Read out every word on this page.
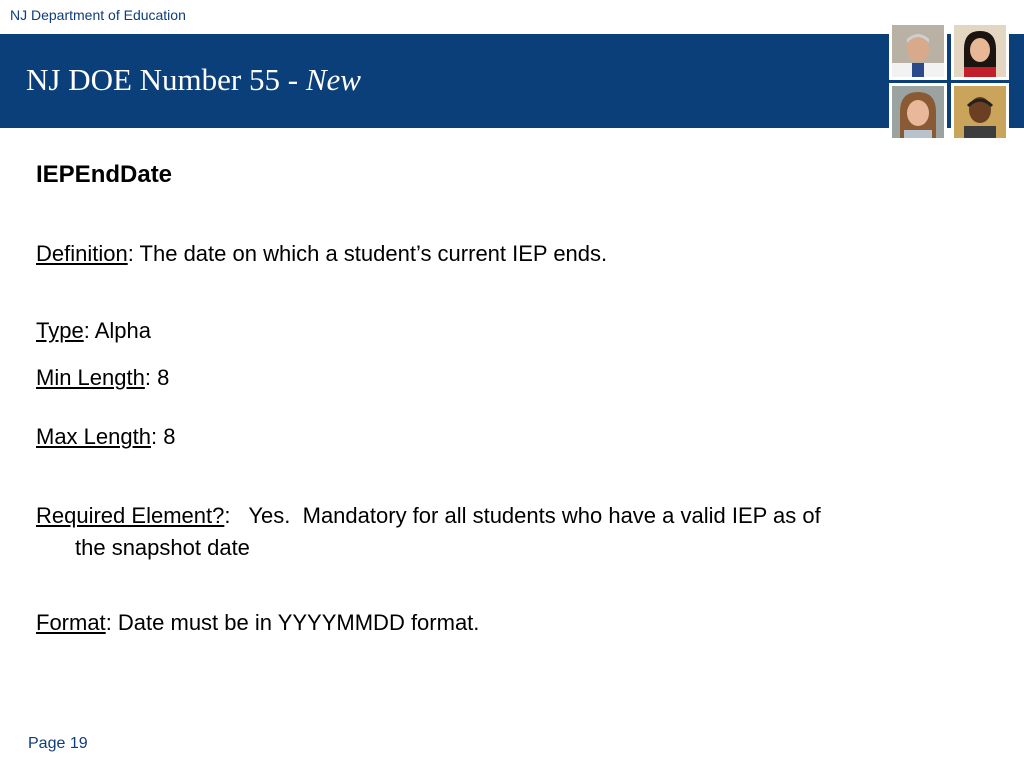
NJ Department of Education
NJ DOE Number 55 - New
IEPEndDate
Definition: The date on which a student’s current IEP ends.
Type: Alpha
Min Length: 8
Max Length: 8
Required Element?:   Yes.  Mandatory for all students who have a valid IEP as of
the snapshot date
Format: Date must be in YYYYMMDD format.
Page 19
